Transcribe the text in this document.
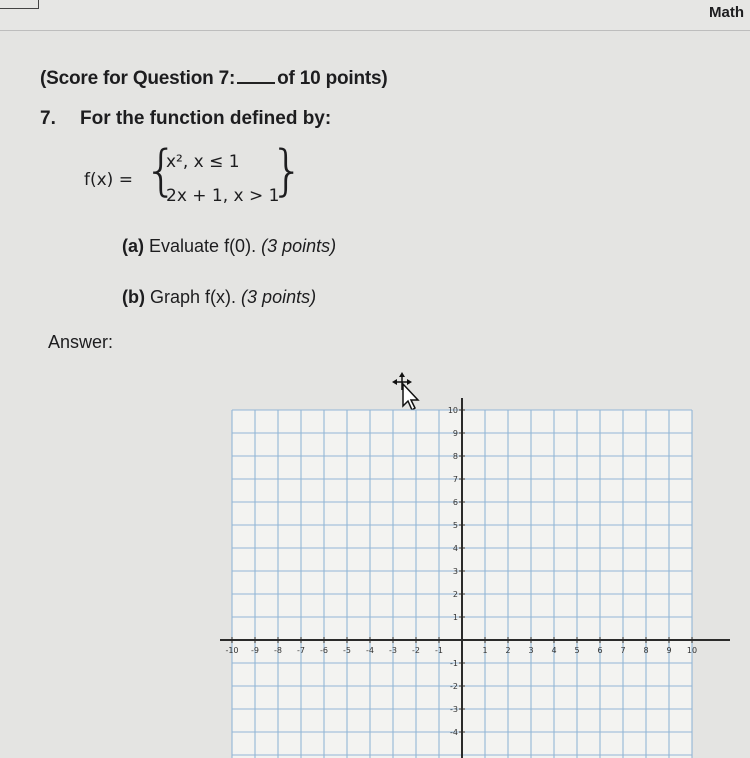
Math
(Score for Question 7: of 10 points)
7. For the function defined by:
f(x) = {
x², x ≤ 1
2x + 1, x > 1
}
(a) Evaluate f(0). (3 points)
(b) Graph f(x). (3 points)
Answer:
-10 -9 -8 -7 -6 -5 -4 -3 -2 -1	1 2 3 4 5 6 7 8 9 10
10
9
8
7
6
5
4
3
2
1
-1
-2
-3
-4
